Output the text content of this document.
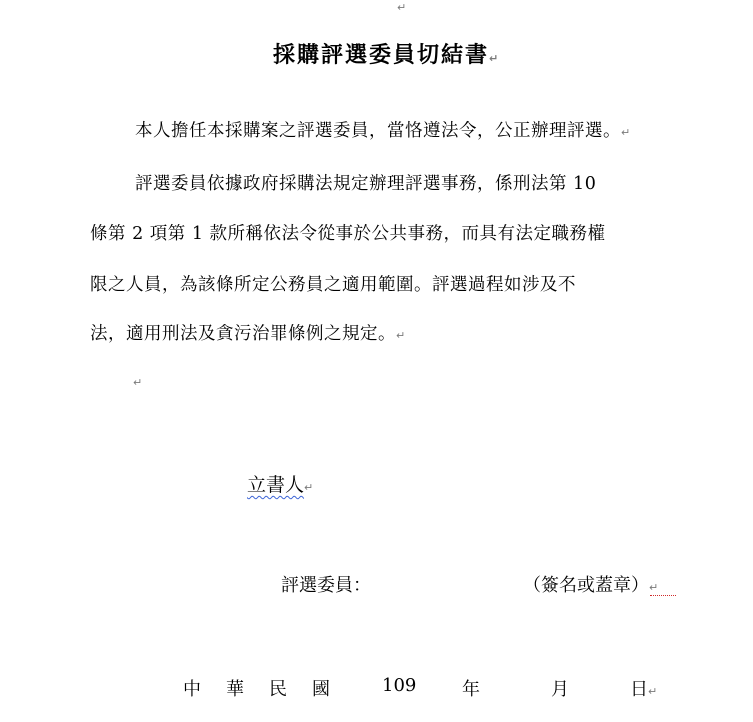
↵
採購評選委員切結書↵
本人擔任本採購案之評選委員，當恪遵法令，公正辦理評選。↵
評選委員依據政府採購法規定辦理評選事務，係刑法第 10
條第 2 項第 1 款所稱依法令從事於公共事務，而具有法定職務權
限之人員，為該條所定公務員之適用範圍。評選過程如涉及不
法，適用刑法及貪污治罪條例之規定。↵
↵
立書人↵
評選委員：	（簽名或蓋章）↵
中 華 民 國	109	年	月	日↵
